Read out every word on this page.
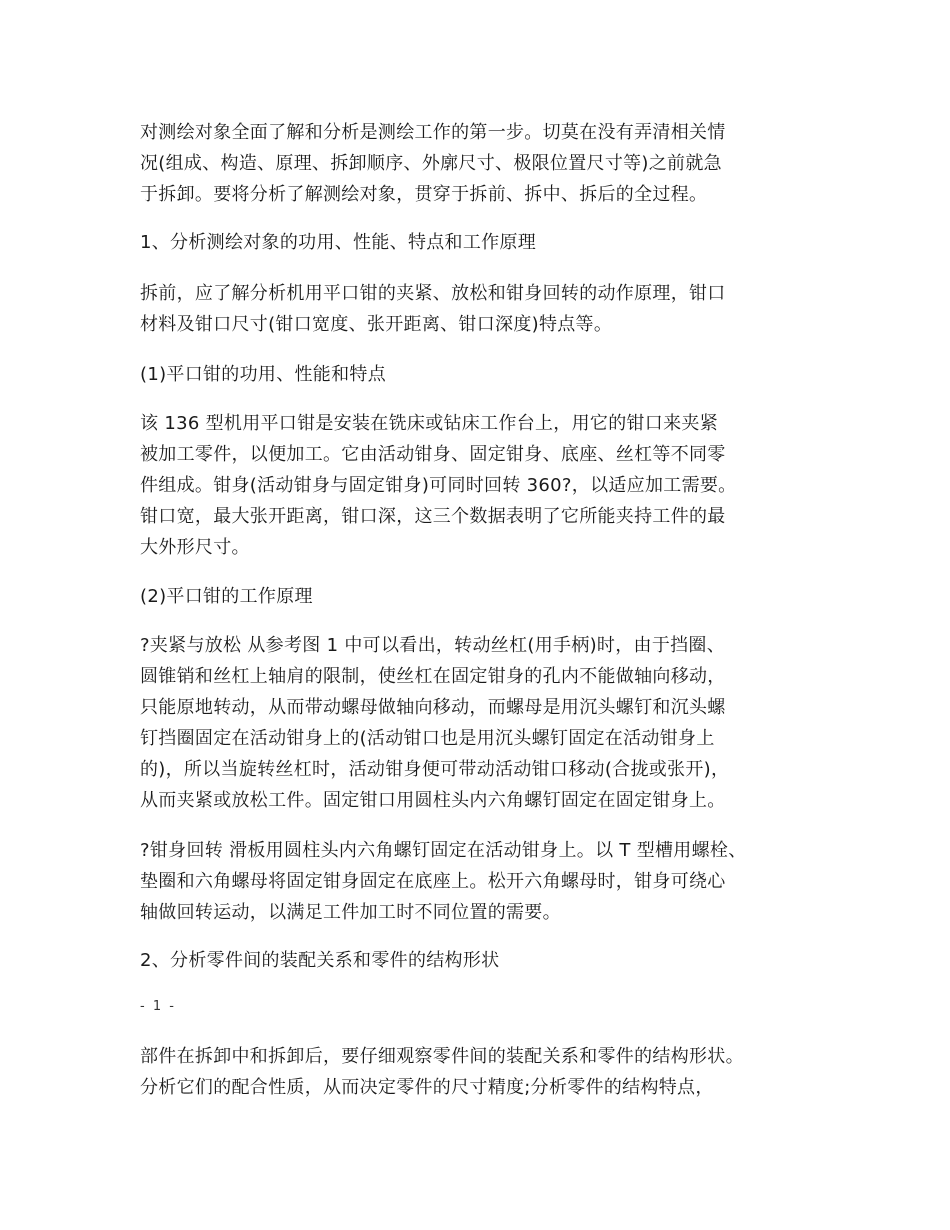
对测绘对象全面了解和分析是测绘工作的第一步。切莫在没有弄清相关情
况(组成、构造、原理、拆卸顺序、外廓尺寸、极限位置尺寸等)之前就急
于拆卸。要将分析了解测绘对象，贯穿于拆前、拆中、拆后的全过程。

1、分析测绘对象的功用、性能、特点和工作原理

拆前，应了解分析机用平口钳的夹紧、放松和钳身回转的动作原理，钳口
材料及钳口尺寸(钳口宽度、张开距离、钳口深度)特点等。

(1)平口钳的功用、性能和特点

该 136 型机用平口钳是安装在铣床或钻床工作台上，用它的钳口来夹紧
被加工零件，以便加工。它由活动钳身、固定钳身、底座、丝杠等不同零
件组成。钳身(活动钳身与固定钳身)可同时回转 360?，以适应加工需要。
钳口宽，最大张开距离，钳口深，这三个数据表明了它所能夹持工件的最
大外形尺寸。

(2)平口钳的工作原理

?夹紧与放松 从参考图 1 中可以看出，转动丝杠(用手柄)时，由于挡圈、
圆锥销和丝杠上轴肩的限制，使丝杠在固定钳身的孔内不能做轴向移动，
只能原地转动，从而带动螺母做轴向移动，而螺母是用沉头螺钉和沉头螺
钉挡圈固定在活动钳身上的(活动钳口也是用沉头螺钉固定在活动钳身上
的)，所以当旋转丝杠时，活动钳身便可带动活动钳口移动(合拢或张开)，
从而夹紧或放松工件。固定钳口用圆柱头内六角螺钉固定在固定钳身上。

?钳身回转 滑板用圆柱头内六角螺钉固定在活动钳身上。以 T 型槽用螺栓、
垫圈和六角螺母将固定钳身固定在底座上。松开六角螺母时，钳身可绕心
轴做回转运动，以满足工件加工时不同位置的需要。

2、分析零件间的装配关系和零件的结构形状

- 1 -

部件在拆卸中和拆卸后，要仔细观察零件间的装配关系和零件的结构形状。
分析它们的配合性质，从而决定零件的尺寸精度;分析零件的结构特点，
